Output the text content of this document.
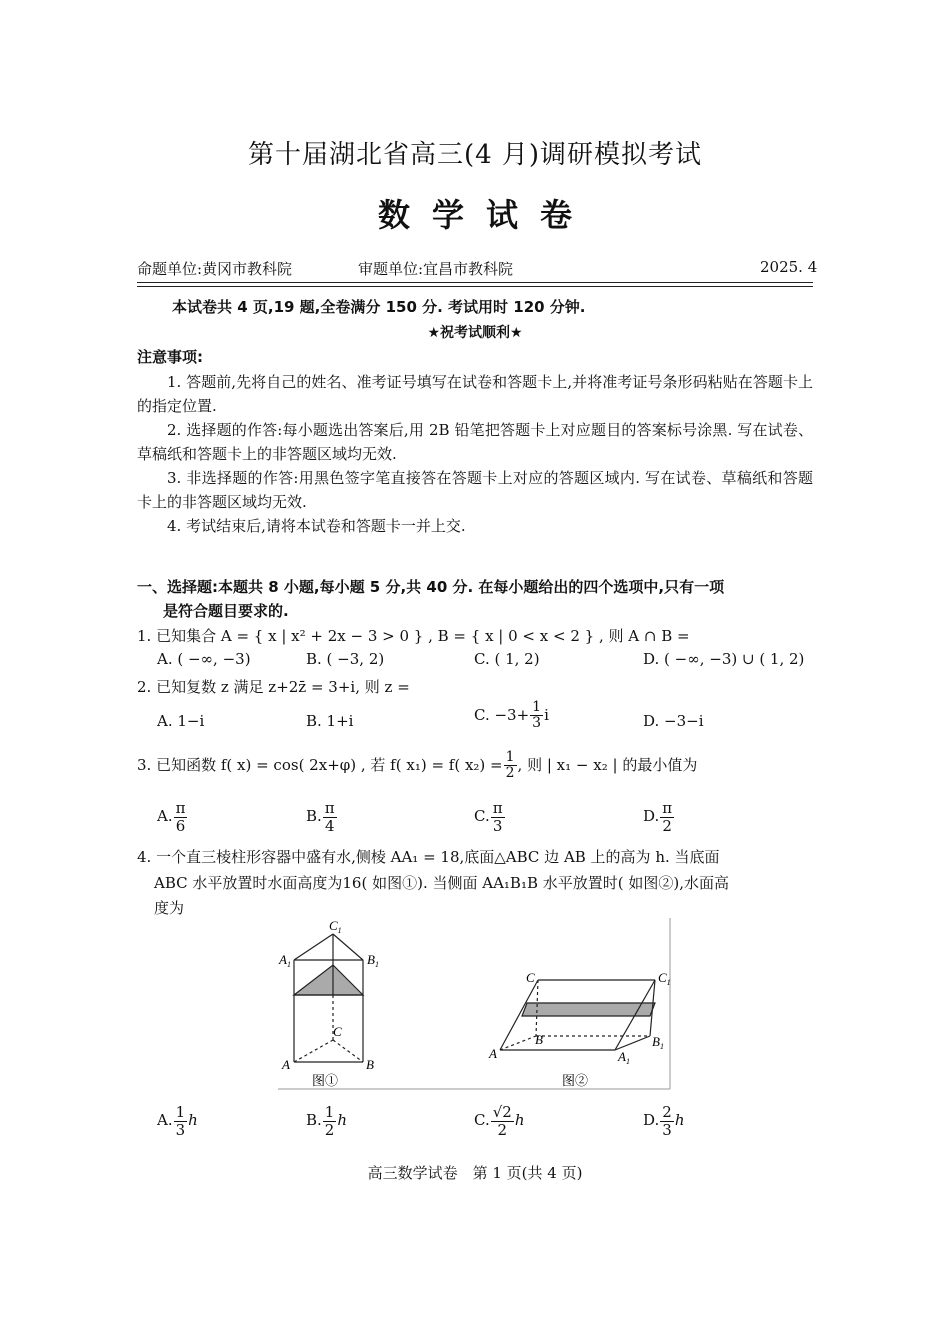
第十届湖北省高三(4 月)调研模拟考试
数学试卷
命题单位:黄冈市教科院	审题单位:宜昌市教科院	2025. 4
本试卷共 4 页,19 题,全卷满分 150 分. 考试用时 120 分钟.
★祝考试顺利★
注意事项:

1. 答题前,先将自己的姓名、准考证号填写在试卷和答题卡上,并将准考证号条形码粘贴在答题卡上的指定位置.

2. 选择题的作答:每小题选出答案后,用 2B 铅笔把答题卡上对应题目的答案标号涂黑. 写在试卷、草稿纸和答题卡上的非答题区域均无效.

3. 非选择题的作答:用黑色签字笔直接答在答题卡上对应的答题区域内. 写在试卷、草稿纸和答题卡上的非答题区域均无效.

4. 考试结束后,请将本试卷和答题卡一并上交.

一、选择题:本题共 8 小题,每小题 5 分,共 40 分. 在每小题给出的四个选项中,只有一项
是符合题目要求的.
1. 已知集合 A = { x | x² + 2x − 3 > 0 } , B = { x | 0 < x < 2 } , 则 A ∩ B =
A. ( −∞, −3)	B. ( −3, 2)	C. ( 1, 2)	D. ( −∞, −3) ∪ ( 1, 2)
2. 已知复数 z 满足 z+2z̄ = 3+i, 则 z =
A. 1−i	B. 1+i	C. $-3+ \frac{1}{3}$ i	D. −3−i
3. 已知函数 f( x) = cos( 2x+φ) , 若 f( x₁) = f( $x_2) = \frac{1}{2}$ , 则 | x₁ − x₂ | 的最小值为
A. $\frac{\pi}{6}$	B. $\frac{\pi}{4}$	C. $\frac{\pi}{3}$	D. $\frac{\pi}{2}$
4. 一个直三棱柱形容器中盛有水,侧棱 AA₁ = 18,底面△ABC 边 AB 上的高为 h. 当底面
ABC 水平放置时水面高度为16( 如图①). 当侧面 AA₁B₁B 水平放置时( 如图②),水面高
度为
$C_1$
$A_1$	$B_1$
C
A	B
图①
C	$C_1$
B	$B_1$
A	$A_1$
图②
A. $\frac{1}{3}$ h	B. $\frac{1}{2}$ h	C. $\frac{√2}{2}$ h	D. $\frac{2}{3}$ h
高三数学试卷　第 1 页(共 4 页)
